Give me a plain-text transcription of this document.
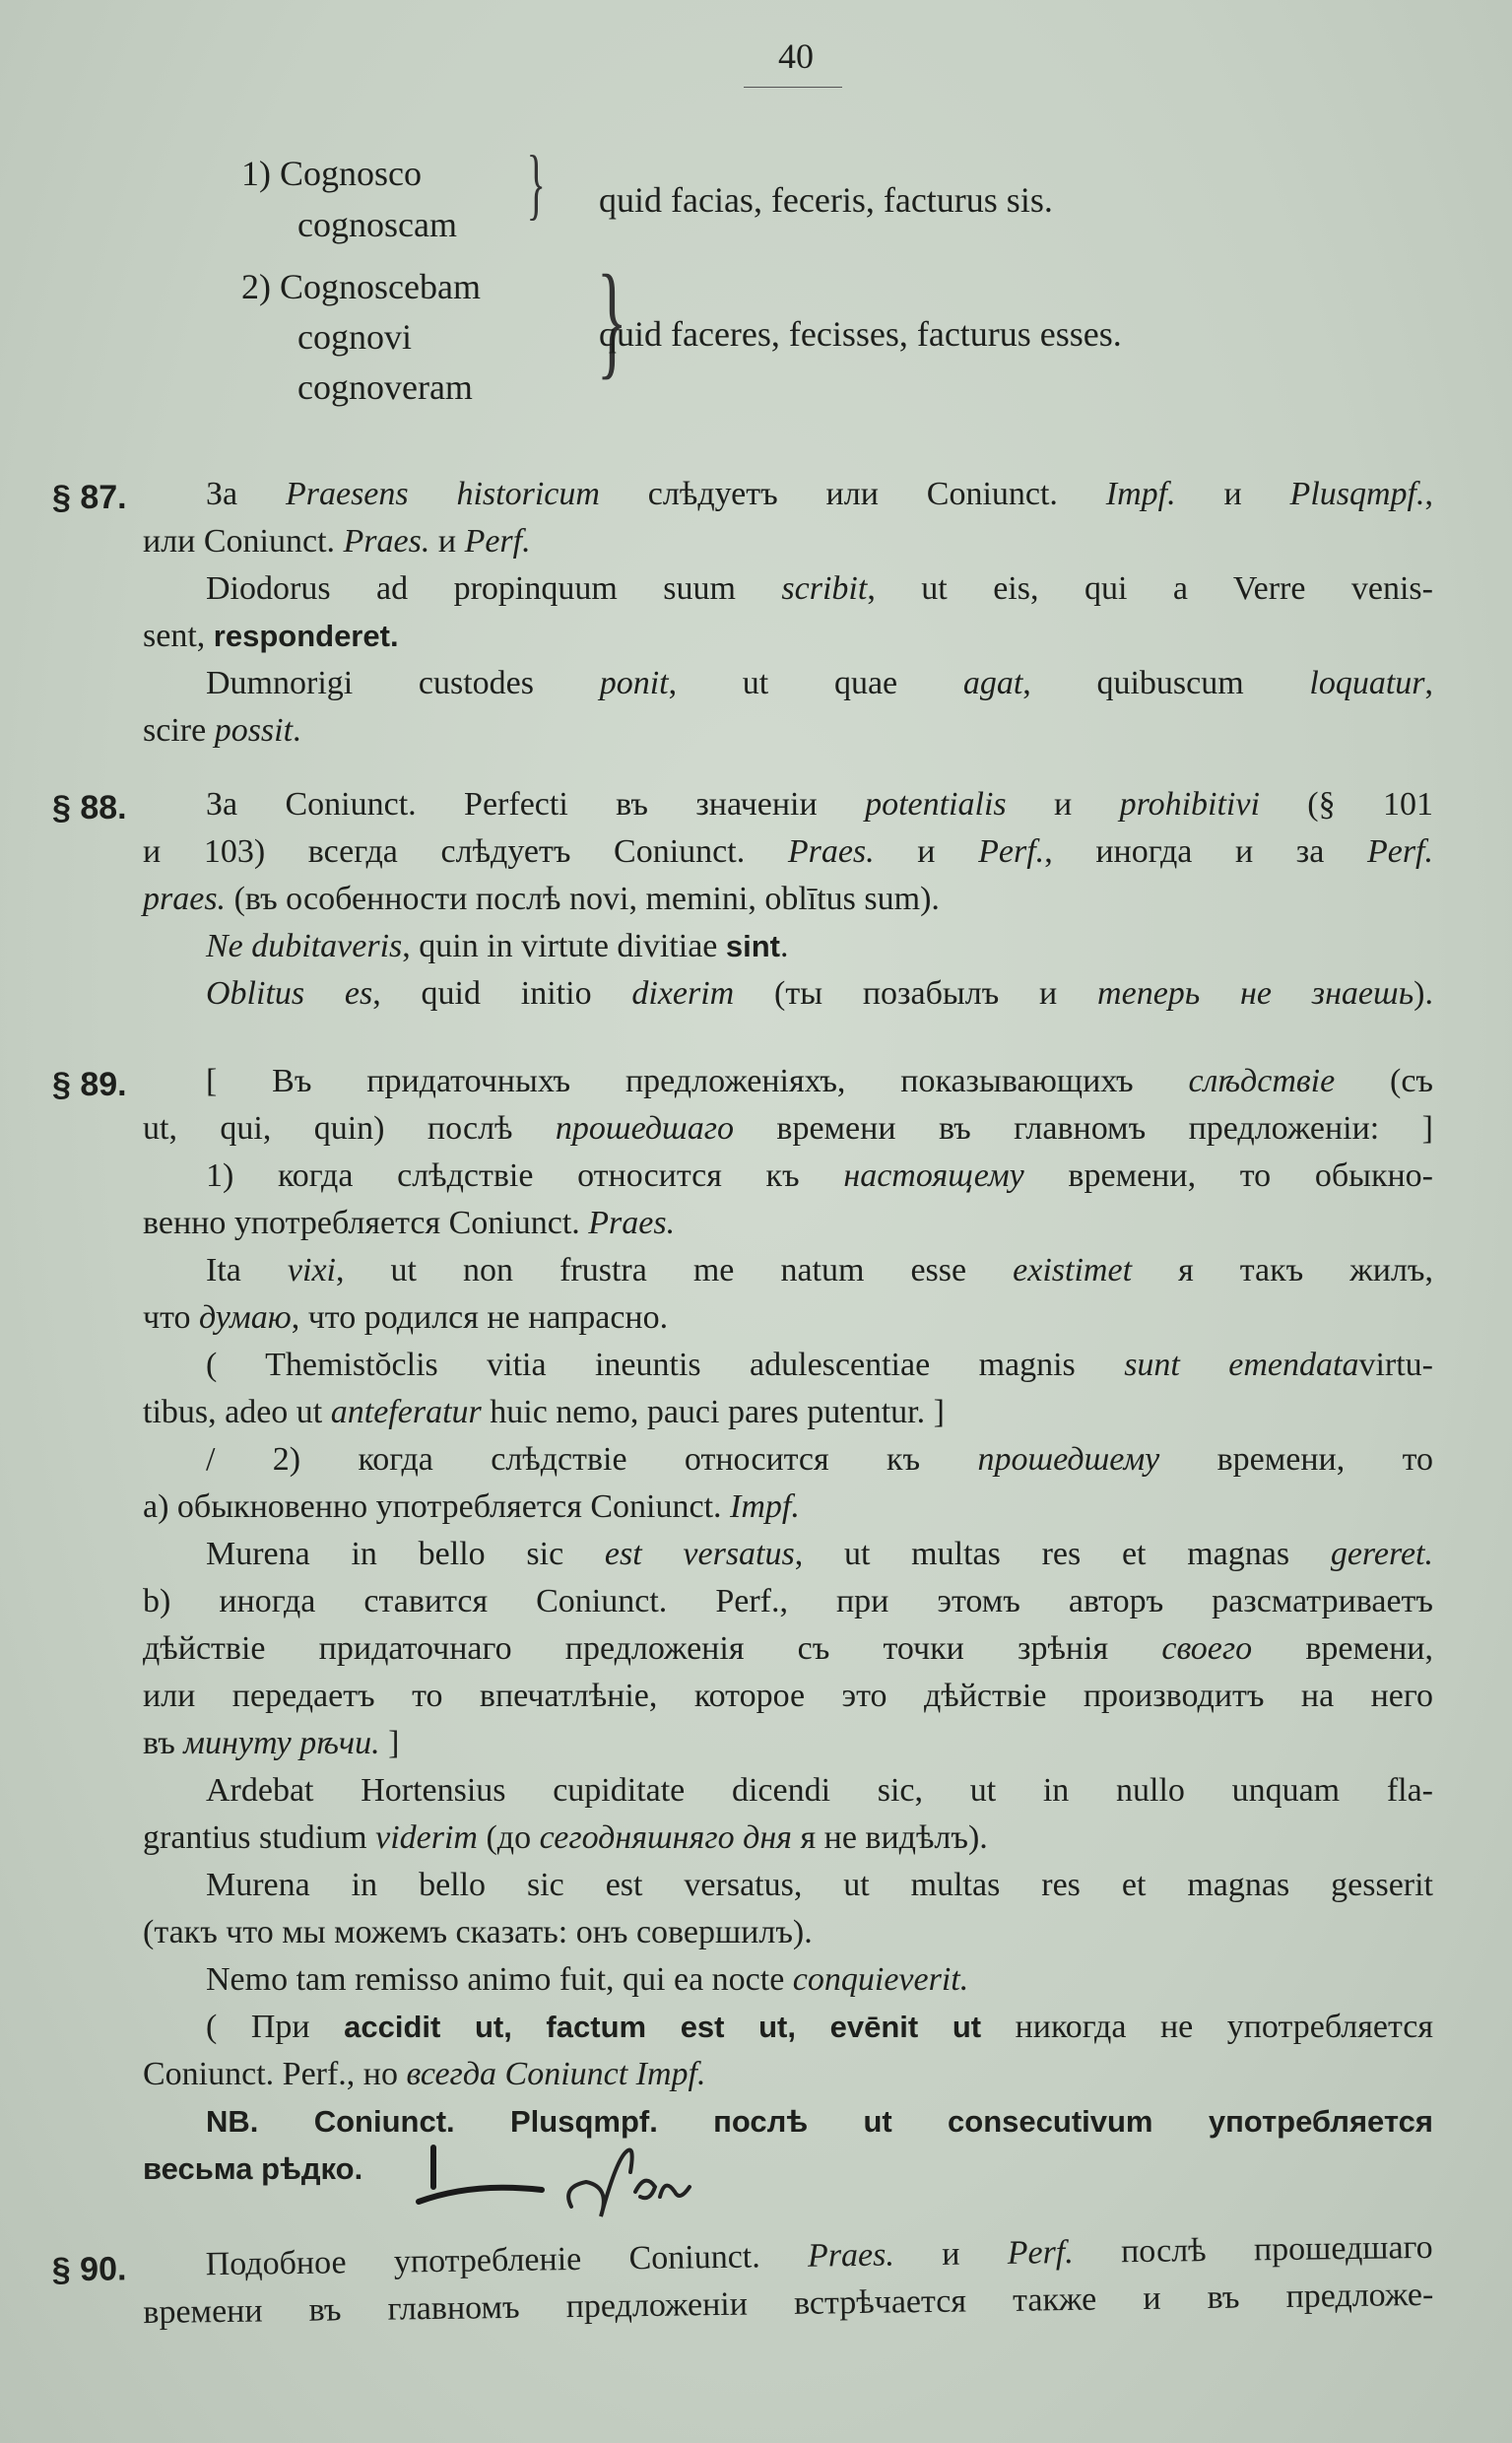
40
1) Cognosco
cognoscam } quid facias, feceris, facturus sis.
2) Cognoscebam
cognovi
cognoveram }
quid faceres, fecisses, facturus esses.
§ 87.	За Praesens historicum слѣдуетъ или Coniunct. Impf. и Plusqmpf.,
или Coniunct. Praes. и Perf.
Diodorus ad propinquum suum scribit, ut eis, qui a Verre venis-
sent, responderet.
Dumnorigi custodes ponit, ut quae agat, quibuscum loquatur,
scire possit.
§ 88.	За Coniunct. Perfecti въ значеніи potentialis и prohibitivi (§ 101
и 103) всегда слѣдуетъ Coniunct. Praes. и Perf., иногда и за Perf.
praes. (въ особенности послѣ novi, memini, oblītus sum).
Ne dubitaveris, quin in virtute divitiae sint.
Oblitus es, quid initio dixerim (ты позабылъ и теперь не знаешь).
§ 89.	[ Въ придаточныхъ предложеніяхъ, показывающихъ слѣдствіе (съ
ut, qui, quin) послѣ прошедшаго времени въ главномъ предложеніи: ]
1) когда слѣдствіе относится къ настоящему времени, то обыкно-
венно употребляется Coniunct. Praes.
Ita vixi, ut non frustra me natum esse existimet я такъ жилъ,
что думаю, что родился не напрасно.
( Themistŏclis vitia ineuntis adulescentiae magnis sunt emendatavirtu-
tibus, adeo ut anteferatur huic nemo, pauci pares putentur. ]
/ 2) когда слѣдствіе относится къ прошедшему времени, то
а) обыкновенно употребляется Coniunct. Impf.
Murena in bello sic est versatus, ut multas res et magnas gereret.
b) иногда ставится Coniunct. Perf., при этомъ авторъ разсматриваетъ
дѣйствіе придаточнаго предложенія съ точки зрѣнія своего времени,
или передаетъ то впечатлѣніе, которое это дѣйствіе производитъ на него
въ минуту рѣчи. ]
Ardebat Hortensius cupiditate dicendi sic, ut in nullo unquam fla-
grantius studium viderim (до сегодняшняго дня я не видѣлъ).
Murena in bello sic est versatus, ut multas res et magnas gesserit
(такъ что мы можемъ сказать: онъ совершилъ).
Nemo tam remisso animo fuit, qui ea nocte conquieverit.
( При accidit ut, factum est ut, evēnit ut никогда не употребляется
Coniunct. Perf., но всегда Coniunct Impf.
NB. Coniunct. Plusqmpf. послѣ ut consecutivum употребляется
весьма рѣдко.
§ 90.	Подобное употребленіе Coniunct. Praes. и Perf. послѣ прошедшаго
времени въ главномъ предложеніи встрѣчается также и въ предложе-
